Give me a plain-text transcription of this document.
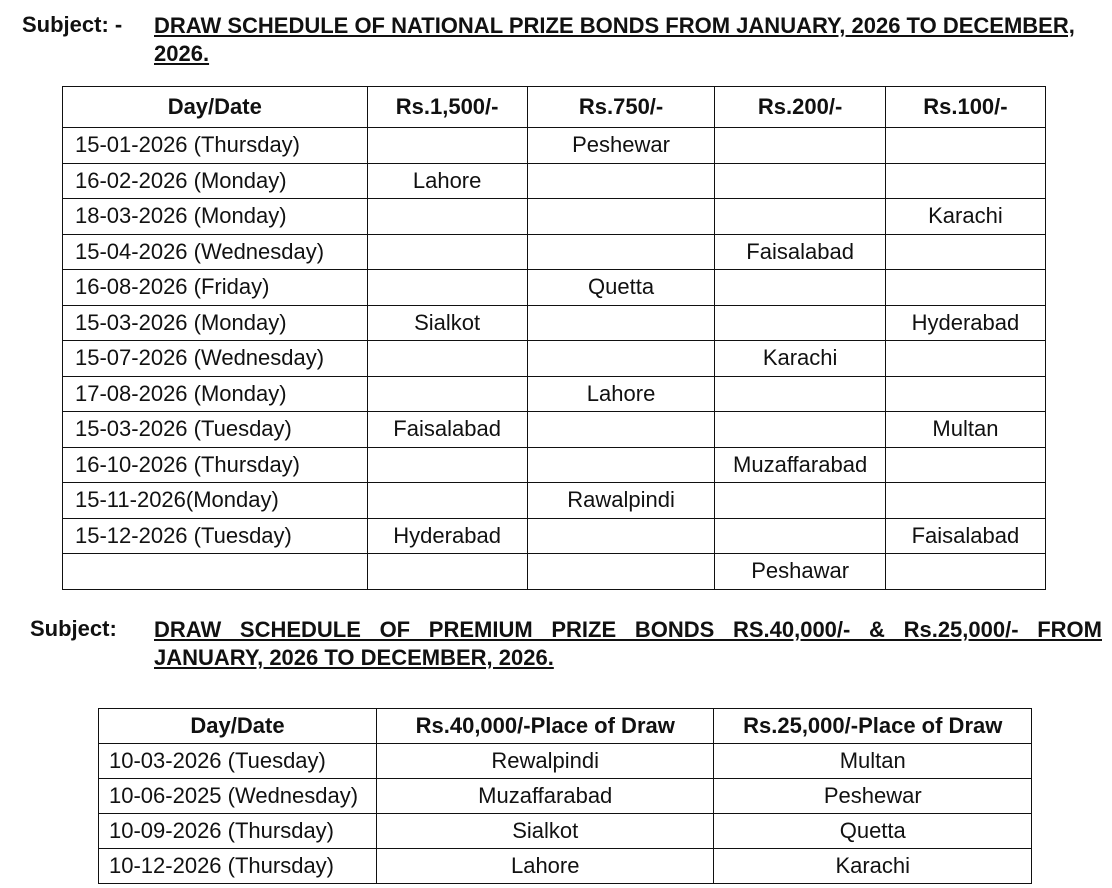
Subject: -	DRAW SCHEDULE OF NATIONAL PRIZE BONDS FROM JANUARY, 2026 TO DECEMBER, 2026.
Day/Date	Rs.1,500/-	Rs.750/-	Rs.200/-	Rs.100/-
15-01-2026 (Thursday)		Peshewar		
16-02-2026 (Monday)	Lahore			
18-03-2026 (Monday)				Karachi
15-04-2026 (Wednesday)			Faisalabad	
16-08-2026 (Friday)		Quetta		
15-03-2026 (Monday)	Sialkot			Hyderabad
15-07-2026 (Wednesday)			Karachi	
17-08-2026 (Monday)		Lahore		
15-03-2026 (Tuesday)	Faisalabad			Multan
16-10-2026 (Thursday)			Muzaffarabad	
15-11-2026(Monday)		Rawalpindi		
15-12-2026 (Tuesday)	Hyderabad			Faisalabad
			Peshawar	
Subject:	DRAW SCHEDULE OF PREMIUM PRIZE BONDS RS.40,000/- & Rs.25,000/- FROM JANUARY, 2026 TO DECEMBER, 2026.
Day/Date	Rs.40,000/-Place of Draw	Rs.25,000/-Place of Draw
10-03-2026 (Tuesday)	Rewalpindi	Multan
10-06-2025 (Wednesday)	Muzaffarabad	Peshewar
10-09-2026 (Thursday)	Sialkot	Quetta
10-12-2026 (Thursday)	Lahore	Karachi
